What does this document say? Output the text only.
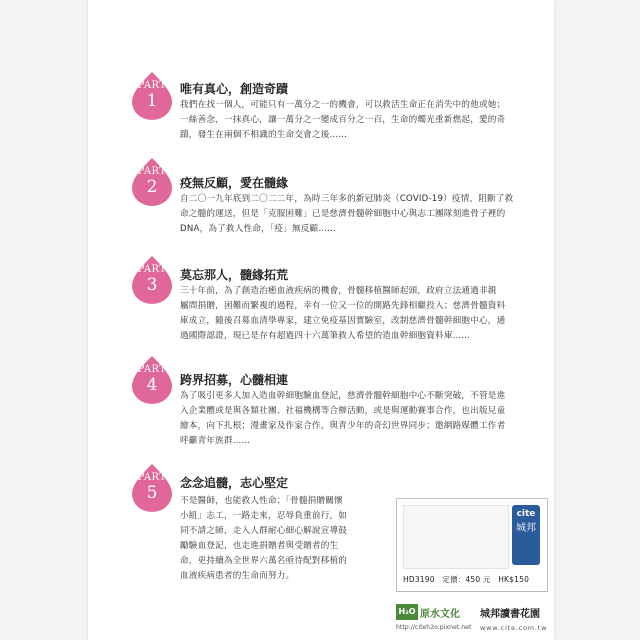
PART
1
唯有真心，創造奇蹟
我們在找一個人，可能只有一萬分之一的機會，可以救活生命正在消失中的他或她；
一絲善念，一抹真心，讓一萬分之一變成百分之一百，生命的燭光重新燃起，愛的奇
蹟，發生在兩個不相識的生命交會之後……
PART
2	疫無反顧，愛在髓緣
自二〇一九年底到二〇二二年，為時三年多的新冠肺炎（COVID-19）疫情，阻斷了救
命之髓的運送，但是「克服困難」已是慈濟骨髓幹細胞中心與志工團隊刻進骨子裡的
DNA，為了救人性命，「疫」無反顧……
PART
3	莫忘那人，髓緣拓荒
三十年前，為了創造治癒血液疾病的機會，骨髓移植醫師起頭，政府立法通過非親
屬間捐贈，困難而繁複的過程，幸有一位又一位的開路先鋒相繼投入；慈濟骨髓資料
庫成立，隨後召募血清學專家，建立免疫基因實驗室，改制慈濟骨髓幹細胞中心，通
過國際認證，現已是存有超過四十六萬筆救人希望的造血幹細胞資料庫……
PART
4	跨界招募，心髓相連
為了吸引更多人加入造血幹細胞驗血登記，慈濟骨髓幹細胞中心不斷突破，不管是進
入企業體或是與各類社團、社福機構等合辦活動，或是與運動賽事合作，也出版兒童
繪本，向下扎根；漫畫家及作家合作，與青少年的奇幻世界同步；邀網路媒體工作者
呼籲青年族群……
PART
5	念念追髓，志心堅定
不是醫師，也能救人性命；「骨髓捐贈關懷
小組」志工，一路走來，忍辱負重前行，如
同不請之師，走入人群耐心細心解說宣導鼓
勵驗血登記，也走進捐贈者與受贈者的生
命，更持續為全世界六萬名亟待配對移植的
血液疾病患者的生命而努力。
cite
城邦
HD3190 定價：450 元 HK$150
H₂O 原水文化
http://citeh2o.pixnet.net
城邦讀書花園
www.cite.com.tw
